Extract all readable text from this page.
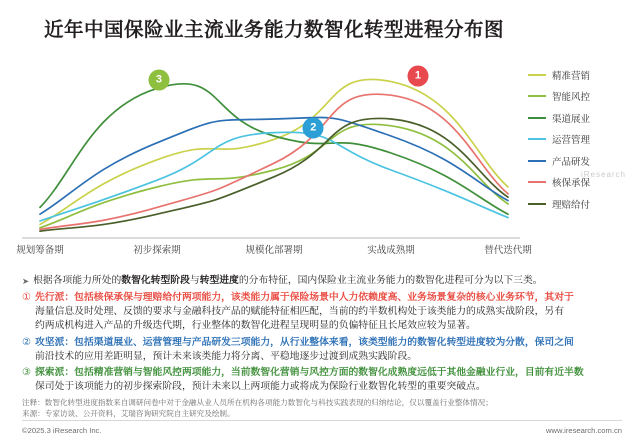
近年中国保险业主流业务能力数智化转型进程分布图
规划筹备期	初步探索期	规模化部署期	实战成熟期	替代迭代期
精准营销
智能风控
渠道展业
运营管理
产品研发
核保承保
理赔给付
3
2
1
➤ 根据各项能力所处的数智化转型阶段与转型进度的分布特征，国内保险业主流业务能力的数智化进程可分为以下三类。
① 先行派：包括核保承保与理赔给付两项能力，该类能力属于保险场景中人力依赖度高、业务场景复杂的核心业务环节，其对于
海量信息及时处理、反馈的要求与金融科技产品的赋能特征相匹配，当前的约半数机构处于该类能力的成熟实战阶段，另有
约两成机构进入产品的升级迭代期，行业整体的数智化进程呈现明显的负偏特征且长尾效应较为显著。
② 攻坚派：包括渠道展业、运营管理与产品研发三项能力，从行业整体来看，该类型能力的数智化转型进度较为分散，保司之间
前沿技术的应用差距明显，预计未来该类能力将分离、平稳地逐步过渡到成熟实践阶段。
③ 探索派：包括精准营销与智能风控两项能力，当前数智化营销与风控方面的数智化成熟度远低于其他金融业行业，目前有近半数
保司处于该项能力的初步探索阶段，预计未来以上两项能力或将成为保险行业数智化转型的重要突破点。
iResearch
注释：数智化转型进度指数来自调研问卷中对于金融从业人员所在机构各项能力数智化与科技实践表现的归纳结论，仅以覆盖行业整体情况；
来源：专家访谈、公开资料，艾瑞咨询研究院自主研究及绘制。
©2025.3 iResearch Inc.	www.iresearch.com.cn
